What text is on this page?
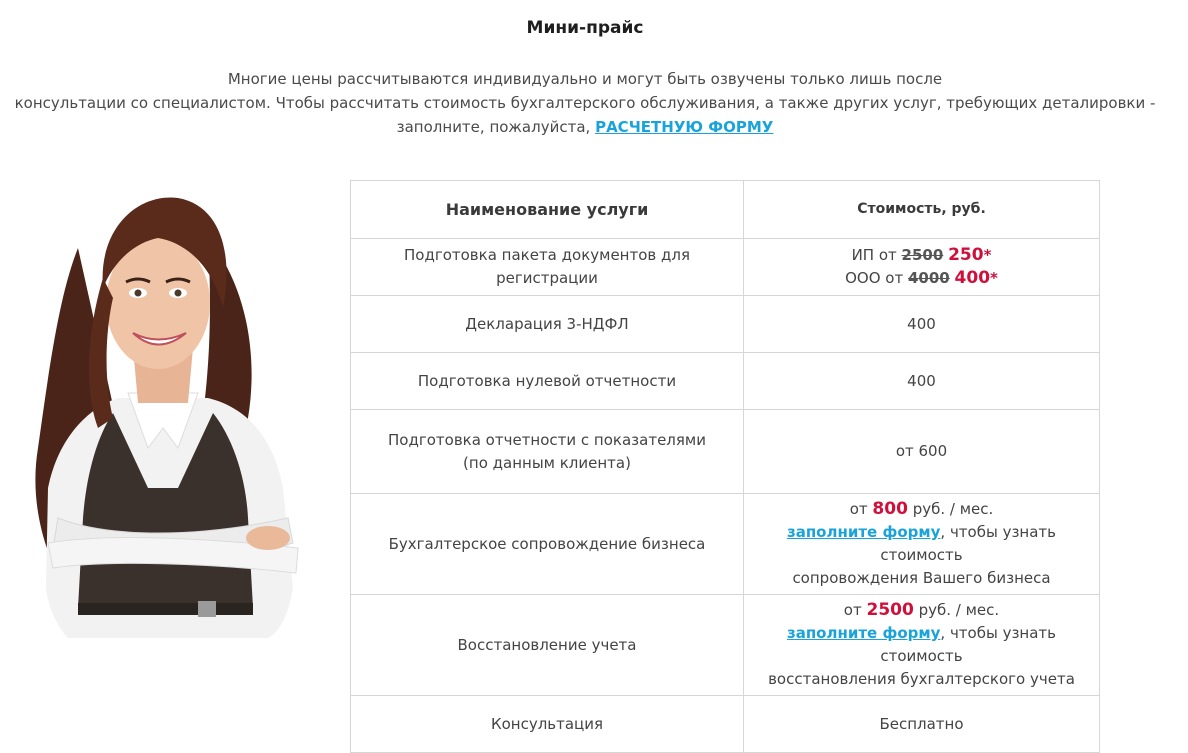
Мини-прайс
Многие цены рассчитываются индивидуально и могут быть озвучены только лишь после
консультации со специалистом. Чтобы рассчитать стоимость бухгалтерского обслуживания, а также других услуг, требующих деталировки -
заполните, пожалуйста, РАСЧЕТНУЮ ФОРМУ
Наименование услуги	Стоимость, руб.
Подготовка пакета документов для регистрации	ИП от 2500 250*
ООО от 4000 400*

Декларация 3-НДФЛ	400
Подготовка нулевой отчетности	400

Подготовка отчетности с показателями
(по данным клиента)	от 600
Бухгалтерское сопровождение бизнеса	от 800 руб. / мес.
заполните форму, чтобы узнать стоимость
сопровождения Вашего бизнеса

Восстановление учета	от 2500 руб. / мес.
заполните форму, чтобы узнать стоимость
восстановления бухгалтерского учета

Консультация	Бесплатно
